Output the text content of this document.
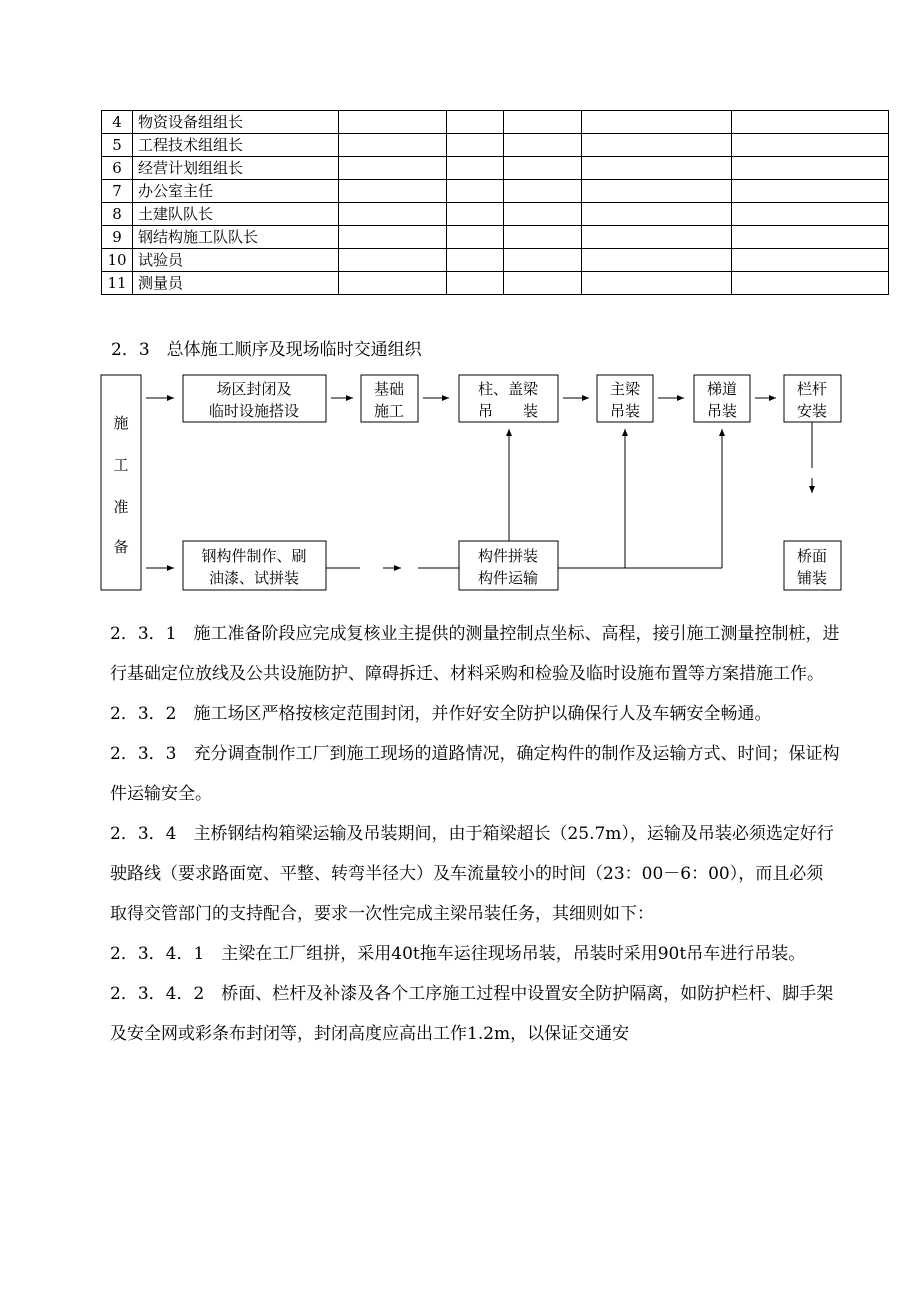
4	物资设备组组长					
5	工程技术组组长					
6	经营计划组组长					
7	办公室主任					
8	土建队队长					
9	钢结构施工队队长					
10	试验员					
11	测量员					
2．3　总体施工顺序及现场临时交通组织
施
工
准
备
场区封闭及
临时设施搭设
基础
施工
柱、盖梁
吊　　装
主梁
吊装
梯道
吊装
栏杆
安装
钢构件制作、刷
油漆、试拼装
构件拼装
构件运输
桥面
铺装

2．3．1　施工准备阶段应完成复核业主提供的测量控制点坐标、高程，接引施工测量控制桩，进行基础定位放线及公共设施防护、障碍拆迁、材料采购和检验及临时设施布置等方案措施工作。

2．3．2　施工场区严格按核定范围封闭，并作好安全防护以确保行人及车辆安全畅通。

2．3．3　充分调查制作工厂到施工现场的道路情况，确定构件的制作及运输方式、时间；保证构件运输安全。

2．3．4　主桥钢结构箱梁运输及吊装期间，由于箱梁超长（25.7m），运输及吊装必须选定好行驶路线（要求路面宽、平整、转弯半径大）及车流量较小的时间（23：00－6：00），而且必须取得交管部门的支持配合，要求一次性完成主梁吊装任务，其细则如下：

2．3．4．1　主梁在工厂组拼，采用40t拖车运往现场吊装，吊装时采用90t吊车进行吊装。

2．3．4．2　桥面、栏杆及补漆及各个工序施工过程中设置安全防护隔离，如防护栏杆、脚手架及安全网或彩条布封闭等，封闭高度应高出工作1.2m，以保证交通安
